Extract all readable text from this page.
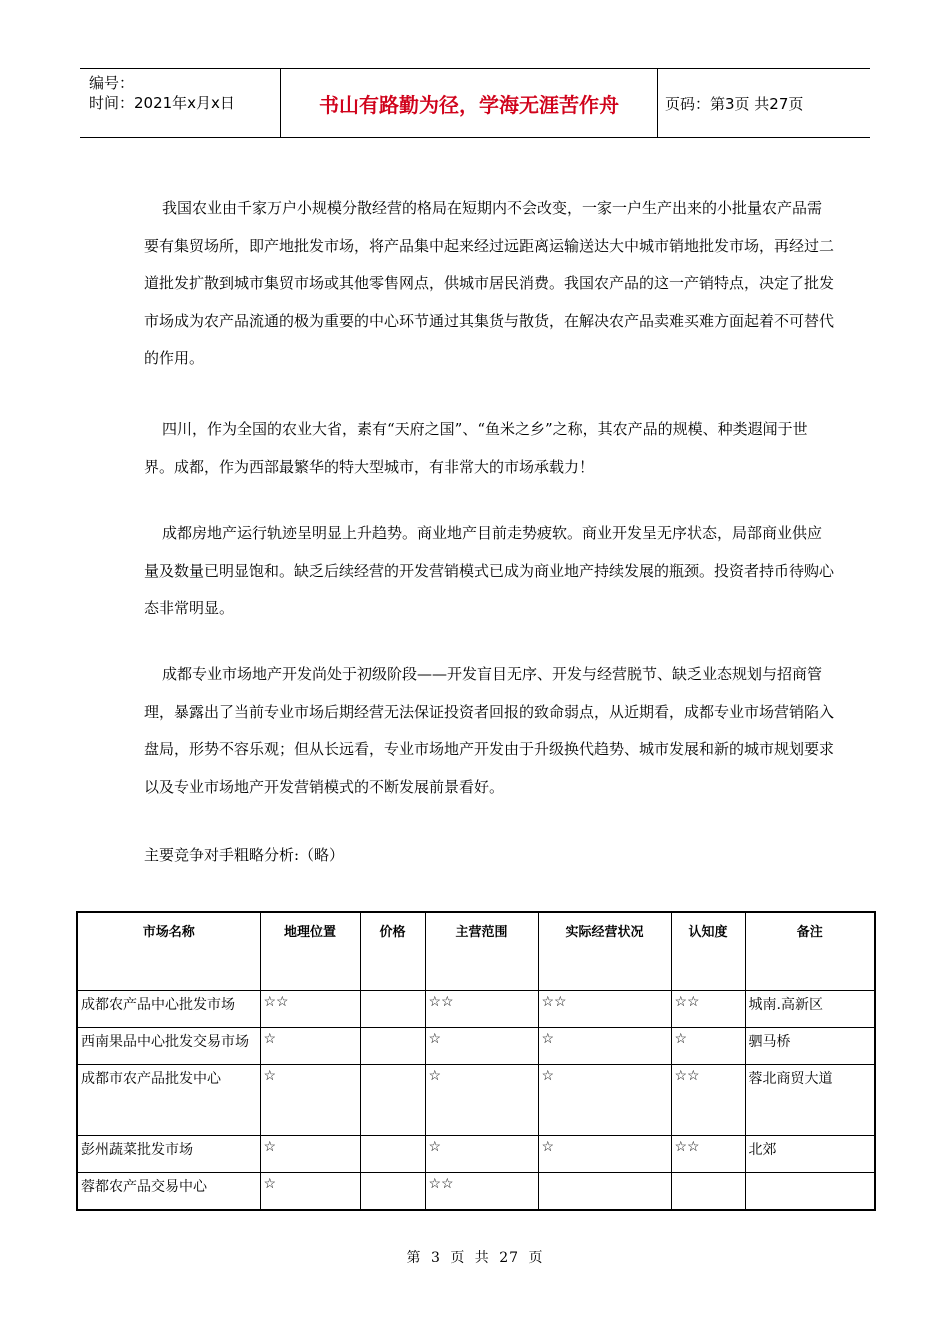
编号：
时间：2021年x月x日	书山有路勤为径，学海无涯苦作舟	页码：第3页 共27页

我国农业由千家万户小规模分散经营的格局在短期内不会改变，一家一户生产出来的小批量农产品需要有集贸场所，即产地批发市场，将产品集中起来经过远距离运输送达大中城市销地批发市场，再经过二道批发扩散到城市集贸市场或其他零售网点，供城市居民消费。我国农产品的这一产销特点，决定了批发市场成为农产品流通的极为重要的中心环节通过其集货与散货，在解决农产品卖难买难方面起着不可替代的作用。

四川，作为全国的农业大省，素有“天府之国”、“鱼米之乡”之称，其农产品的规模、种类遐闻于世界。成都，作为西部最繁华的特大型城市，有非常大的市场承载力！

成都房地产运行轨迹呈明显上升趋势。商业地产目前走势疲软。商业开发呈无序状态，局部商业供应量及数量已明显饱和。缺乏后续经营的开发营销模式已成为商业地产持续发展的瓶颈。投资者持币待购心态非常明显。

成都专业市场地产开发尚处于初级阶段——开发盲目无序、开发与经营脱节、缺乏业态规划与招商管理，暴露出了当前专业市场后期经营无法保证投资者回报的致命弱点，从近期看，成都专业市场营销陷入盘局，形势不容乐观；但从长远看，专业市场地产开发由于升级换代趋势、城市发展和新的城市规划要求以及专业市场地产开发营销模式的不断发展前景看好。

主要竞争对手粗略分析:（略）
市场名称	地理位置	价格	主营范围	实际经营状况	认知度	备注
成都农产品中心批发市场	☆☆		☆☆	☆☆	☆☆	城南.高新区
西南果品中心批发交易市场	☆		☆	☆	☆	驷马桥
成都市农产品批发中心	☆		☆	☆	☆☆	蓉北商贸大道
彭州蔬菜批发市场	☆		☆	☆	☆☆	北郊
蓉都农产品交易中心	☆		☆☆			
第 3 页 共 27 页
